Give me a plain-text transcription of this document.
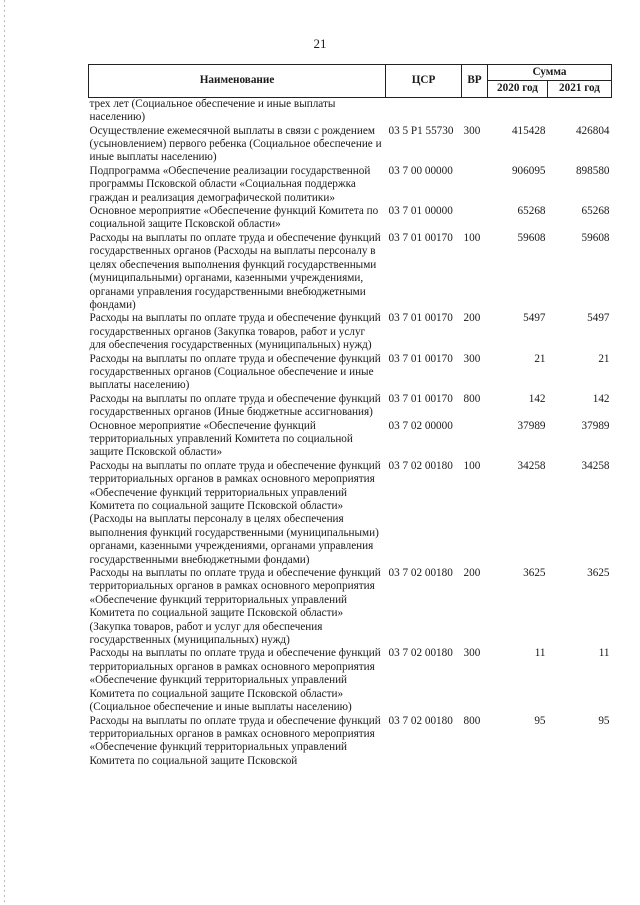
21
Наименование	ЦСР	ВР	Сумма	
			2020 год	2021 год
трех лет (Социальное обеспечение и иные выплаты населению)				
Осуществление ежемесячной выплаты в связи с рождением (усыновлением) первого ребенка (Социальное обеспечение и иные выплаты населению)	03 5 Р1 55730	300	415428	426804
Подпрограмма «Обеспечение реализации государственной программы Псковской области «Социальная поддержка граждан и реализация демографической политики»	03 7 00 00000		906095	898580
Основное мероприятие «Обеспечение функций Комитета по социальной защите Псковской области»	03 7 01 00000		65268	65268
Расходы на выплаты по оплате труда и обеспечение функций государственных органов (Расходы на выплаты персоналу в целях обеспечения выполнения функций государственными (муниципальными) органами, казенными учреждениями, органами управления государственными внебюджетными фондами)	03 7 01 00170	100	59608	59608
Расходы на выплаты по оплате труда и обеспечение функций государственных органов (Закупка товаров, работ и услуг для обеспечения государственных (муниципальных) нужд)	03 7 01 00170	200	5497	5497
Расходы на выплаты по оплате труда и обеспечение функций государственных органов (Социальное обеспечение и иные выплаты населению)	03 7 01 00170	300	21	21
Расходы на выплаты по оплате труда и обеспечение функций государственных органов (Иные бюджетные ассигнования)	03 7 01 00170	800	142	142
Основное мероприятие «Обеспечение функций территориальных управлений Комитета по социальной защите Псковской области»	03 7 02 00000		37989	37989
Расходы на выплаты по оплате труда и обеспечение функций территориальных органов в рамках основного мероприятия «Обеспечение функций территориальных управлений Комитета по социальной защите Псковской области» (Расходы на выплаты персоналу в целях обеспечения выполнения функций государственными (муниципальными) органами, казенными учреждениями, органами управления государственными внебюджетными фондами)	03 7 02 00180	100	34258	34258
Расходы на выплаты по оплате труда и обеспечение функций территориальных органов в рамках основного мероприятия «Обеспечение функций территориальных управлений Комитета по социальной защите Псковской области» (Закупка товаров, работ и услуг для обеспечения государственных (муниципальных) нужд)	03 7 02 00180	200	3625	3625
Расходы на выплаты по оплате труда и обеспечение функций территориальных органов в рамках основного мероприятия «Обеспечение функций территориальных управлений Комитета по социальной защите Псковской области» (Социальное обеспечение и иные выплаты населению)	03 7 02 00180	300	11	11
Расходы на выплаты по оплате труда и обеспечение функций территориальных органов в рамках основного мероприятия «Обеспечение функций территориальных управлений Комитета по социальной защите Псковской	03 7 02 00180	800	95	95
